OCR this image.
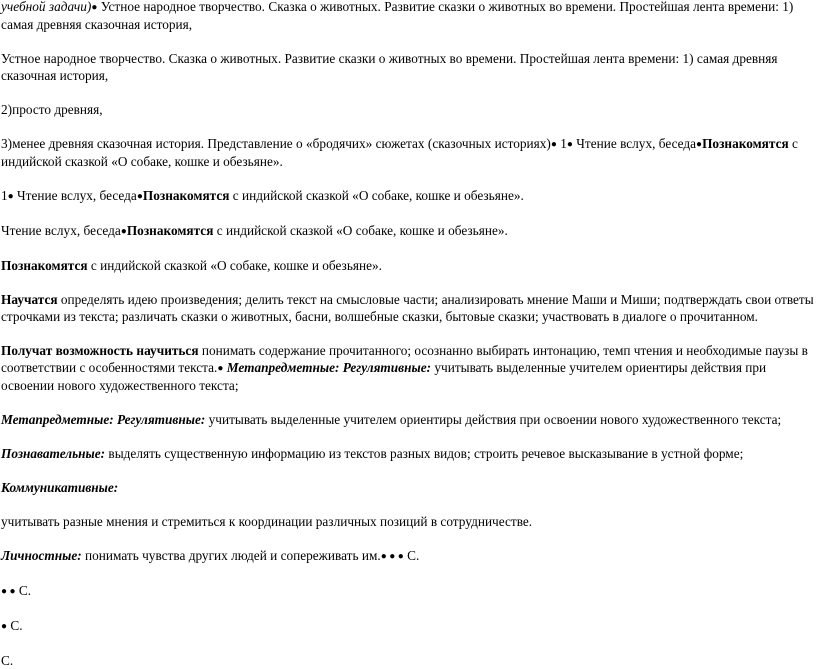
учебной задачи)● Устное народное творчество. Сказка о животных. Развитие сказки о животных во времени. Простейшая лента времени: 1) самая древняя сказочная история,

Устное народное творчество. Сказка о животных. Развитие сказки о животных во времени. Простейшая лента времени: 1) самая древняя сказочная история,

2)просто древняя,

3)менее древняя сказочная история. Представление о «бродячих» сюжетах (сказочных историях)● 1● Чтение вслух, беседа●Познакомятся с индийской сказкой «О собаке, кошке и обезьяне».

1● Чтение вслух, беседа●Познакомятся с индийской сказкой «О собаке, кошке и обезьяне».

Чтение вслух, беседа●Познакомятся с индийской сказкой «О собаке, кошке и обезьяне».

Познакомятся с индийской сказкой «О собаке, кошке и обезьяне».

Научатся определять идею произведения; делить текст на смысловые части; анализировать мнение Маши и Миши; подтверждать свои ответы строчками из текста; различать сказки о животных, басни, волшебные сказки, бытовые сказки; участвовать в диалоге о прочитанном.

Получат возможность научиться понимать содержание прочитанного; осознанно выбирать интонацию, темп чтения и необходимые паузы в соответствии с особенностями текста.● Метапредметные: Регулятивные: учитывать выделенные учителем ориентиры действия при освоении нового художественного текста;

Метапредметные: Регулятивные: учитывать выделенные учителем ориентиры действия при освоении нового художественного текста;

Познавательные: выделять существенную информацию из текстов разных видов; строить речевое высказывание в устной форме;

Коммуникативные:

учитывать разные мнения и стремиться к координации различных позиций в сотрудничестве.

Личностные: понимать чувства других людей и сопереживать им.● ● ● С.

● ● С.

● С.

С.
